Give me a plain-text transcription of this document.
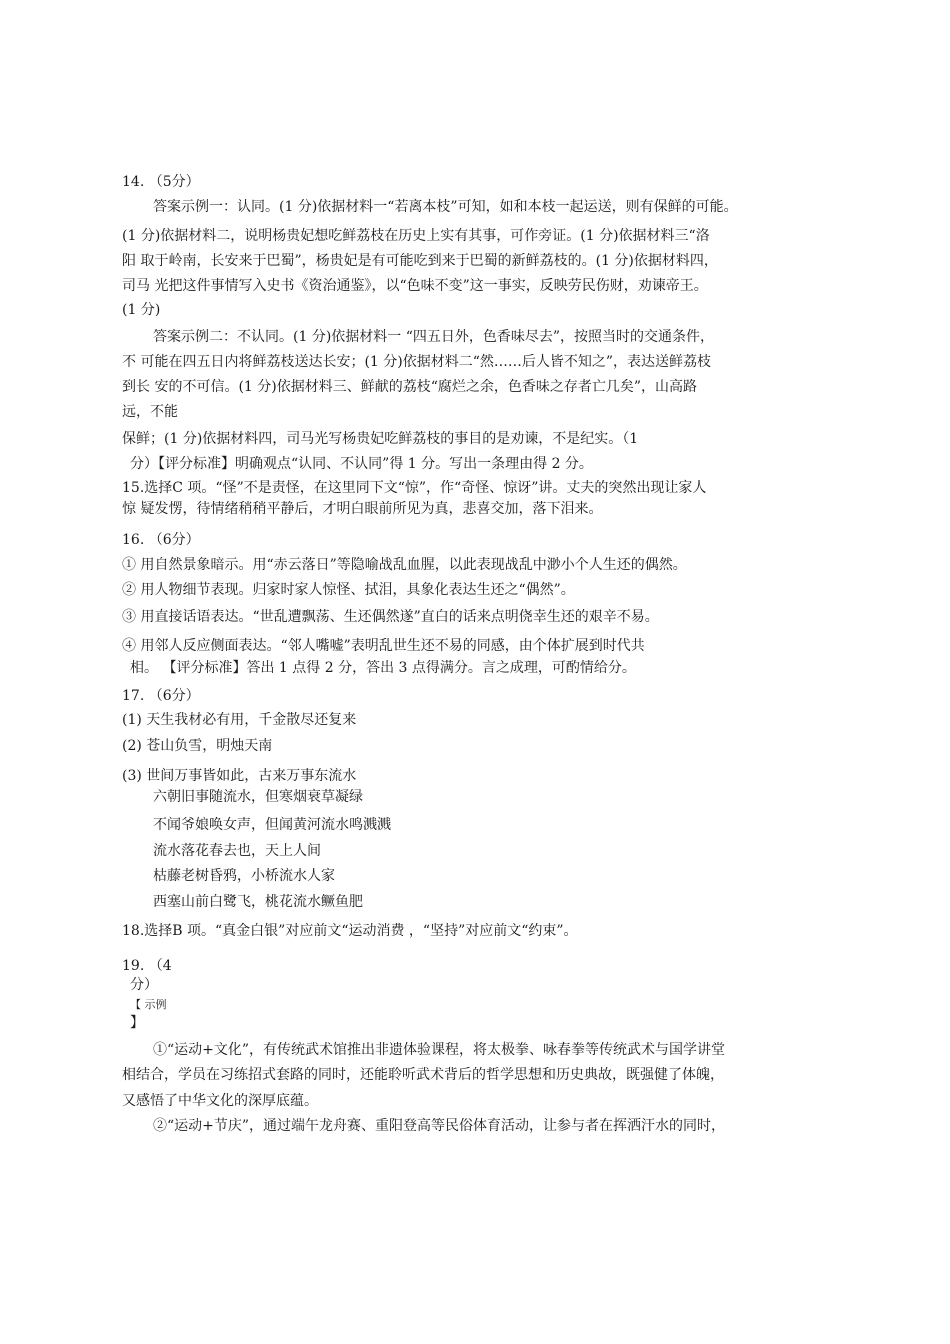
14. （5分）
答案示例一：认同。(1 分)依据材料一“若离本枝”可知，如和本枝一起运送，则有保鲜的可能。
(1 分)依据材料二，说明杨贵妃想吃鲜荔枝在历史上实有其事，可作旁证。(1 分)依据材料三“洛
阳 取于岭南，长安来于巴蜀”，杨贵妃是有可能吃到来于巴蜀的新鲜荔枝的。(1 分)依据材料四，
司马 光把这件事情写入史书《资治通鉴》，以“色味不变”这一事实，反映劳民伤财，劝谏帝王。
(1 分)
答案示例二：不认同。(1 分)依据材料一 “四五日外，色香味尽去”，按照当时的交通条件，
不 可能在四五日内将鲜荔枝送达长安；(1 分)依据材料二“然……后人皆不知之”，表达送鲜荔枝
到长 安的不可信。(1 分)依据材料三、鲜献的荔枝“腐烂之余，色香味之存者亡几矣”，山高路
远，不能
保鲜；(1 分)依据材料四，司马光写杨贵妃吃鲜荔枝的事目的是劝谏，不是纪实。（1
分）【评分标准】明确观点“认同、不认同”得 1 分。写出一条理由得 2 分。
15.选择C 项。“怪”不是责怪，在这里同下文“惊”，作“奇怪、惊讶”讲。丈夫的突然出现让家人
惊 疑发愣，待情绪稍稍平静后，才明白眼前所见为真，悲喜交加，落下泪来。
16. （6分）
① 用自然景象暗示。用“赤云落日”等隐喻战乱血腥，以此表现战乱中渺小个人生还的偶然。
② 用人物细节表现。归家时家人惊怪、拭泪，具象化表达生还之“偶然”。
③ 用直接话语表达。“世乱遭飘荡、生还偶然遂”直白的话来点明侥幸生还的艰辛不易。
④ 用邻人反应侧面表达。“邻人嘴嘘”表明乱世生还不易的同感，由个体扩展到时代共
相。 【评分标准】答出 1 点得 2 分，答出 3 点得满分。言之成理，可酌情给分。
17. （6分）
(1) 天生我材必有用，千金散尽还复来
(2) 苍山负雪，明烛天南
(3) 世间万事皆如此，古来万事东流水
六朝旧事随流水，但寒烟衰草凝绿
不闻爷娘唤女声，但闻黄河流水鸣溅溅
流水落花春去也，天上人间
枯藤老树昏鸦，小桥流水人家
西塞山前白鹭飞，桃花流水鳜鱼肥
18.选择B 项。“真金白银”对应前文“运动消费 ，“坚持”对应前文“约束”。
19. （4
分）
【 示例
】
①“运动+文化”，有传统武术馆推出非遗体验课程，将太极拳、咏春拳等传统武术与国学讲堂
相结合，学员在习练招式套路的同时，还能聆听武术背后的哲学思想和历史典故，既强健了体魄，
又感悟了中华文化的深厚底蕴。
②“运动+节庆”，通过端午龙舟赛、重阳登高等民俗体育活动，让参与者在挥洒汗水的同时，
